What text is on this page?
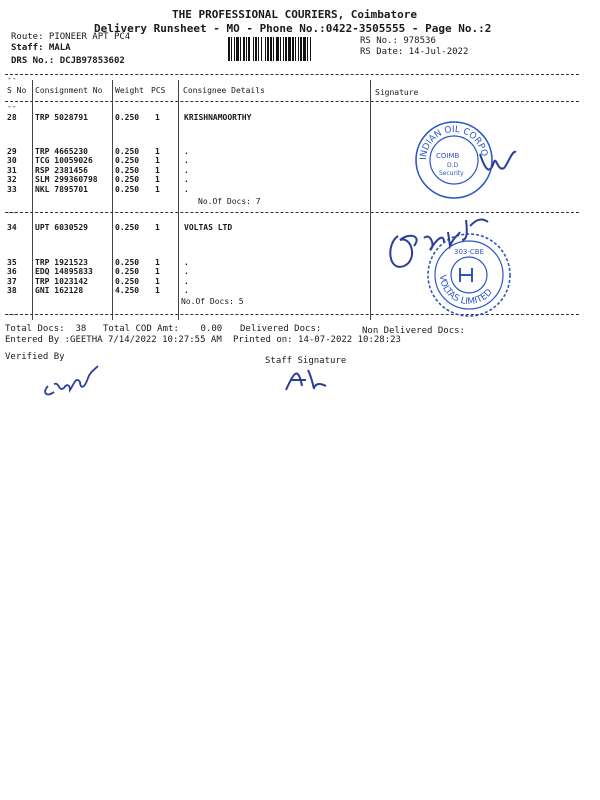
THE PROFESSIONAL COURIERS, Coimbatore
Delivery Runsheet - MO - Phone No.:0422-3505555 - Page No.:2
Route: PIONEER APT PC4
Staff: MALA
DRS No.: DCJB97853602
RS No.: 978536
RS Date: 14-Jul-2022
--
S No Consignment No Weight PCS Consignee Details	Signature
--
28 TRP 5028791	0.250 1	KRISHNAMOORTHY
29 TRP 4665230	0.250 1	.
30 TCG 10059026	0.250 1	.
31 RSP 2381456	0.250 1	.
32 SLM 299360798 0.250 1	.
33 NKL 7895701	0.250 1	.
No.Of Docs: 7
--
34 UPT 6030529	0.250 1	VOLTAS LTD
35 TRP 1921523	0.250 1	.
36 EDQ 14895833	0.250 1	.
37 TRP 1023142	0.250 1	.
38 GNI 162128	4.250 1	.
No.Of Docs: 5
--
Total Docs:  38 Total COD Amt:    0.00 Delivered Docs:	Non Delivered Docs:
Entered By :GEETHA 7/14/2022 10:27:55 AM Printed on: 14-07-2022 10:28:23
Verified By	Staff Signature
INDIAN OIL CORPO
COIMB
D.D
Security
VOLTAS LIMITED
303-CBE
